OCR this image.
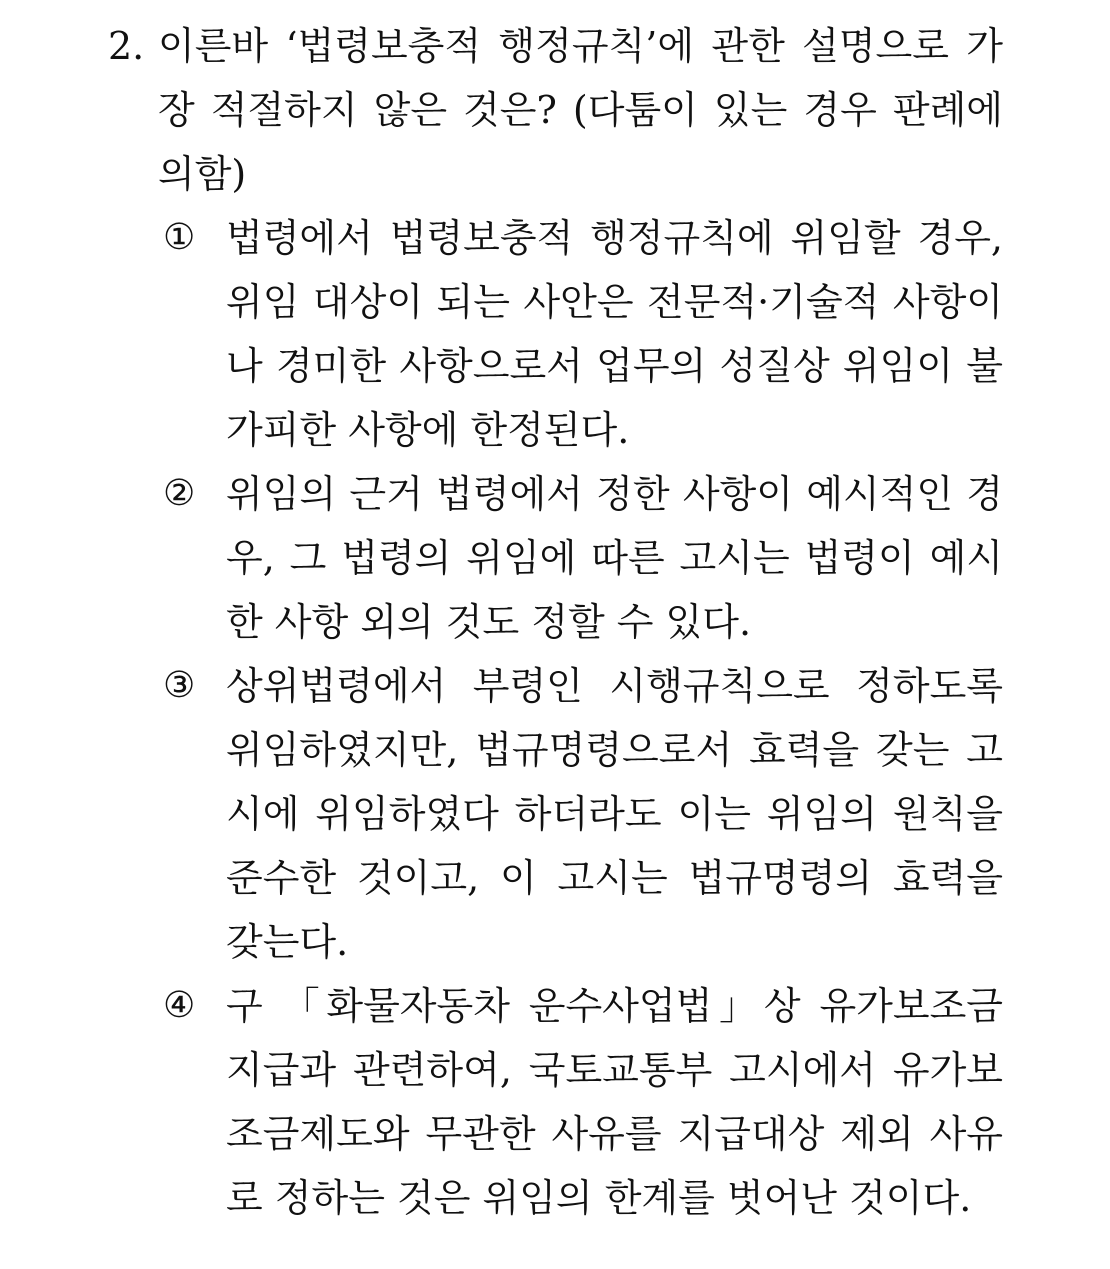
2. 이른바 ‘법령보충적 행정규칙’에 관한 설명으로 가장 적절하지 않은 것은? (다툼이 있는 경우 판례에 의함)
① 법령에서 법령보충적 행정규칙에 위임할 경우, 위임 대상이 되는 사안은 전문적·기술적 사항이나 경미한 사항으로서 업무의 성질상 위임이 불가피한 사항에 한정된다.
② 위임의 근거 법령에서 정한 사항이 예시적인 경우, 그 법령의 위임에 따른 고시는 법령이 예시한 사항 외의 것도 정할 수 있다.
③ 상위법령에서 부령인 시행규칙으로 정하도록 위임하였지만, 법규명령으로서 효력을 갖는 고시에 위임하였다 하더라도 이는 위임의 원칙을 준수한 것이고, 이 고시는 법규명령의 효력을 갖는다.
④ 구 「화물자동차 운수사업법」상 유가보조금 지급과 관련하여, 국토교통부 고시에서 유가보조금제도와 무관한 사유를 지급대상 제외 사유로 정하는 것은 위임의 한계를 벗어난 것이다.
